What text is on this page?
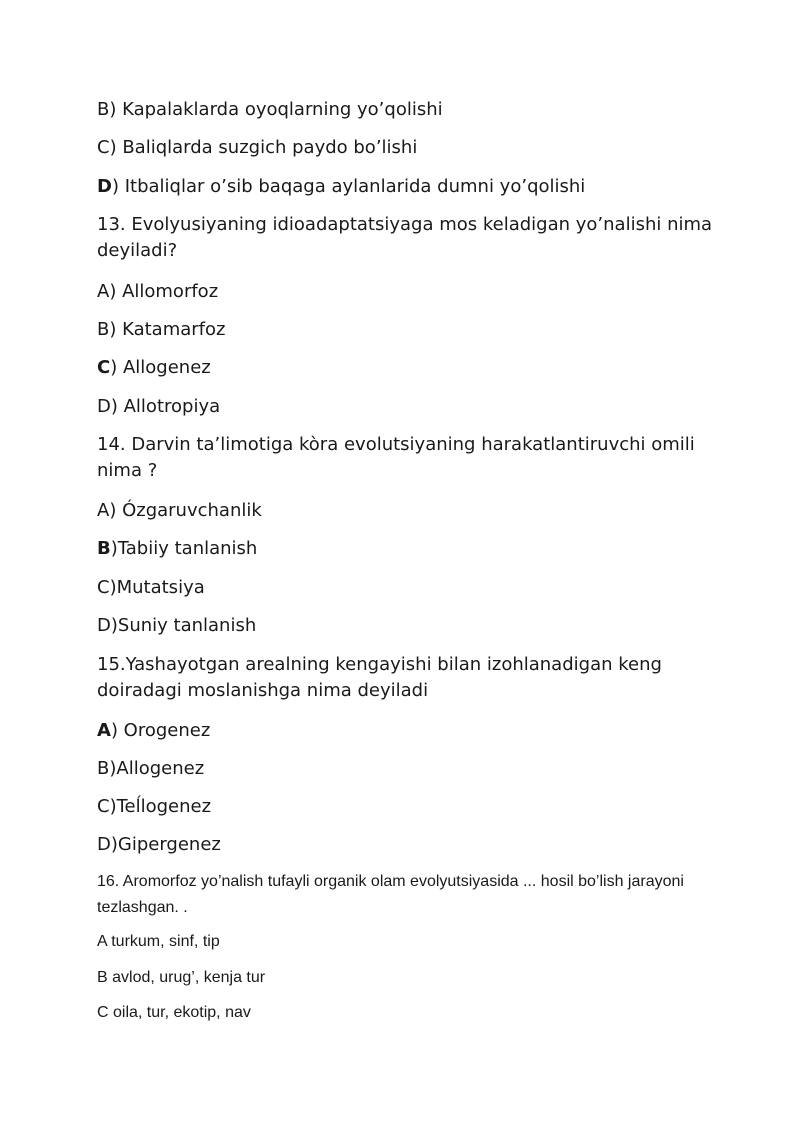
B) Kapalaklarda oyoqlarning yo’qolishi
C) Baliqlarda suzgich paydo bo’lishi
D) Itbaliqlar o’sib baqaga aylanlarida dumni yo’qolishi
13. Evolyusiyaning idioadaptatsiyaga mos keladigan yo’nalishi nima deyiladi?
A) Allomorfoz
B) Katamarfoz
C) Allogenez
D) Allotropiya
14. Darvin ta’limotiga kòra evolutsiyaning harakatlantiruvchi omili nima ?
A) Ózgaruvchanlik
B)Tabiiy tanlanish
C)Mutatsiya
D)Suniy tanlanish
15.Yashayotgan arealning kengayishi bilan izohlanadigan keng doiradagi moslanishga nima deyiladi
A) Orogenez
B)Allogenez
C)Teĺlogenez
D)Gipergenez
16. Aromorfoz yo’nalish tufayli organik olam evolyutsiyasida ... hosil bo’lish jarayoni tezlashgan. .
A turkum, sinf, tip
B avlod, urug’, kenja tur
C oila, tur, ekotip, nav
